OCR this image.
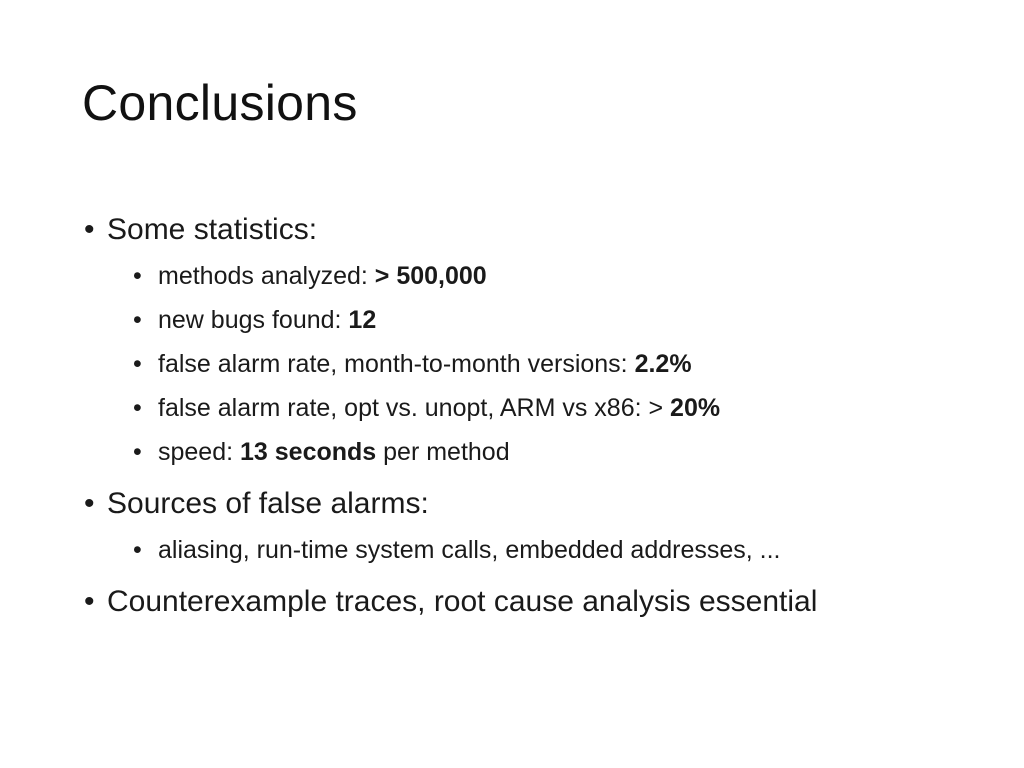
Conclusions

• Some statistics:

• methods analyzed: > 500,000

• new bugs found: 12

• false alarm rate, month-to-month versions: 2.2%

• false alarm rate, opt vs. unopt, ARM vs x86: > 20%

• speed: 13 seconds per method

• Sources of false alarms:

• aliasing, run-time system calls, embedded addresses, ...

• Counterexample traces, root cause analysis essential
